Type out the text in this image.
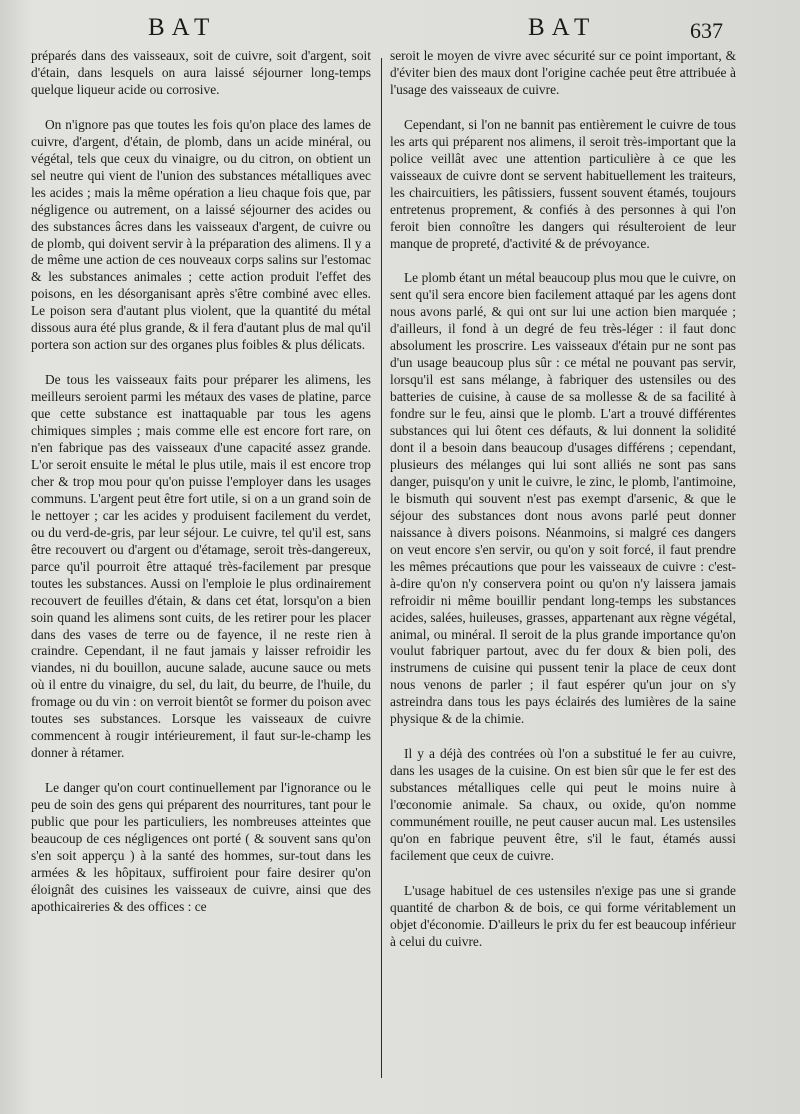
BAT	BAT	637

préparés dans des vaisseaux, soit de cuivre, soit d'argent, soit d'étain, dans lesquels on aura laissé séjourner long-temps quelque liqueur acide ou corrosive.

On n'ignore pas que toutes les fois qu'on place des lames de cuivre, d'argent, d'étain, de plomb, dans un acide minéral, ou végétal, tels que ceux du vinaigre, ou du citron, on obtient un sel neutre qui vient de l'union des substances métalliques avec les acides ; mais la même opération a lieu chaque fois que, par négligence ou autrement, on a laissé séjourner des acides ou des substances âcres dans les vaisseaux d'argent, de cuivre ou de plomb, qui doivent servir à la préparation des alimens. Il y a de même une action de ces nouveaux corps salins sur l'estomac & les substances animales ; cette action produit l'effet des poisons, en les désorganisant après s'être combiné avec elles. Le poison sera d'autant plus violent, que la quantité du métal dissous aura été plus grande, & il fera d'autant plus de mal qu'il portera son action sur des organes plus foibles & plus délicats.

De tous les vaisseaux faits pour préparer les alimens, les meilleurs seroient parmi les métaux des vases de platine, parce que cette substance est inattaquable par tous les agens chimiques simples ; mais comme elle est encore fort rare, on n'en fabrique pas des vaisseaux d'une capacité assez grande. L'or seroit ensuite le métal le plus utile, mais il est encore trop cher & trop mou pour qu'on puisse l'employer dans les usages communs. L'argent peut être fort utile, si on a un grand soin de le nettoyer ; car les acides y produisent facilement du verdet, ou du verd-de-gris, par leur séjour. Le cuivre, tel qu'il est, sans être recouvert ou d'argent ou d'étamage, seroit très-dangereux, parce qu'il pourroit être attaqué très-facilement par presque toutes les substances. Aussi on l'emploie le plus ordinairement recouvert de feuilles d'étain, & dans cet état, lorsqu'on a bien soin quand les alimens sont cuits, de les retirer pour les placer dans des vases de terre ou de fayence, il ne reste rien à craindre. Cependant, il ne faut jamais y laisser refroidir les viandes, ni du bouillon, aucune salade, aucune sauce ou mets où il entre du vinaigre, du sel, du lait, du beurre, de l'huile, du fromage ou du vin : on verroit bientôt se former du poison avec toutes ses substances. Lorsque les vaisseaux de cuivre commencent à rougir intérieurement, il faut sur-le-champ les donner à rétamer.

Le danger qu'on court continuellement par l'ignorance ou le peu de soin des gens qui préparent des nourritures, tant pour le public que pour les particuliers, les nombreuses atteintes que beaucoup de ces négligences ont porté ( & souvent sans qu'on s'en soit apperçu ) à la santé des hommes, sur-tout dans les armées & les hôpitaux, suffiroient pour faire desirer qu'on éloignât des cuisines les vaisseaux de cuivre, ainsi que des apothicaireries & des offices : ce

seroit le moyen de vivre avec sécurité sur ce point important, & d'éviter bien des maux dont l'origine cachée peut être attribuée à l'usage des vaisseaux de cuivre.

Cependant, si l'on ne bannit pas entièrement le cuivre de tous les arts qui préparent nos alimens, il seroit très-important que la police veillât avec une attention particulière à ce que les vaisseaux de cuivre dont se servent habituellement les traiteurs, les chaircuitiers, les pâtissiers, fussent souvent étamés, toujours entretenus proprement, & confiés à des personnes à qui l'on feroit bien connoître les dangers qui résulteroient de leur manque de propreté, d'activité & de prévoyance.

Le plomb étant un métal beaucoup plus mou que le cuivre, on sent qu'il sera encore bien facilement attaqué par les agens dont nous avons parlé, & qui ont sur lui une action bien marquée ; d'ailleurs, il fond à un degré de feu très-léger : il faut donc absolument les proscrire. Les vaisseaux d'étain pur ne sont pas d'un usage beaucoup plus sûr : ce métal ne pouvant pas servir, lorsqu'il est sans mélange, à fabriquer des ustensiles ou des batteries de cuisine, à cause de sa mollesse & de sa facilité à fondre sur le feu, ainsi que le plomb. L'art a trouvé différentes substances qui lui ôtent ces défauts, & lui donnent la solidité dont il a besoin dans beaucoup d'usages différens ; cependant, plusieurs des mélanges qui lui sont alliés ne sont pas sans danger, puisqu'on y unit le cuivre, le zinc, le plomb, l'antimoine, le bismuth qui souvent n'est pas exempt d'arsenic, & que le séjour des substances dont nous avons parlé peut donner naissance à divers poisons. Néanmoins, si malgré ces dangers on veut encore s'en servir, ou qu'on y soit forcé, il faut prendre les mêmes précautions que pour les vaisseaux de cuivre : c'est-à-dire qu'on n'y conservera point ou qu'on n'y laissera jamais refroidir ni même bouillir pendant long-temps les substances acides, salées, huileuses, grasses, appartenant aux règne végétal, animal, ou minéral. Il seroit de la plus grande importance qu'on voulut fabriquer partout, avec du fer doux & bien poli, des instrumens de cuisine qui pussent tenir la place de ceux dont nous venons de parler ; il faut espérer qu'un jour on s'y astreindra dans tous les pays éclairés des lumières de la saine physique & de la chimie.

Il y a déjà des contrées où l'on a substitué le fer au cuivre, dans les usages de la cuisine. On est bien sûr que le fer est des substances métalliques celle qui peut le moins nuire à l'œconomie animale. Sa chaux, ou oxide, qu'on nomme communément rouille, ne peut causer aucun mal. Les ustensiles qu'on en fabrique peuvent être, s'il le faut, étamés aussi facilement que ceux de cuivre.

L'usage habituel de ces ustensiles n'exige pas une si grande quantité de charbon & de bois, ce qui forme véritablement un objet d'économie. D'ailleurs le prix du fer est beaucoup inférieur à celui du cuivre.
